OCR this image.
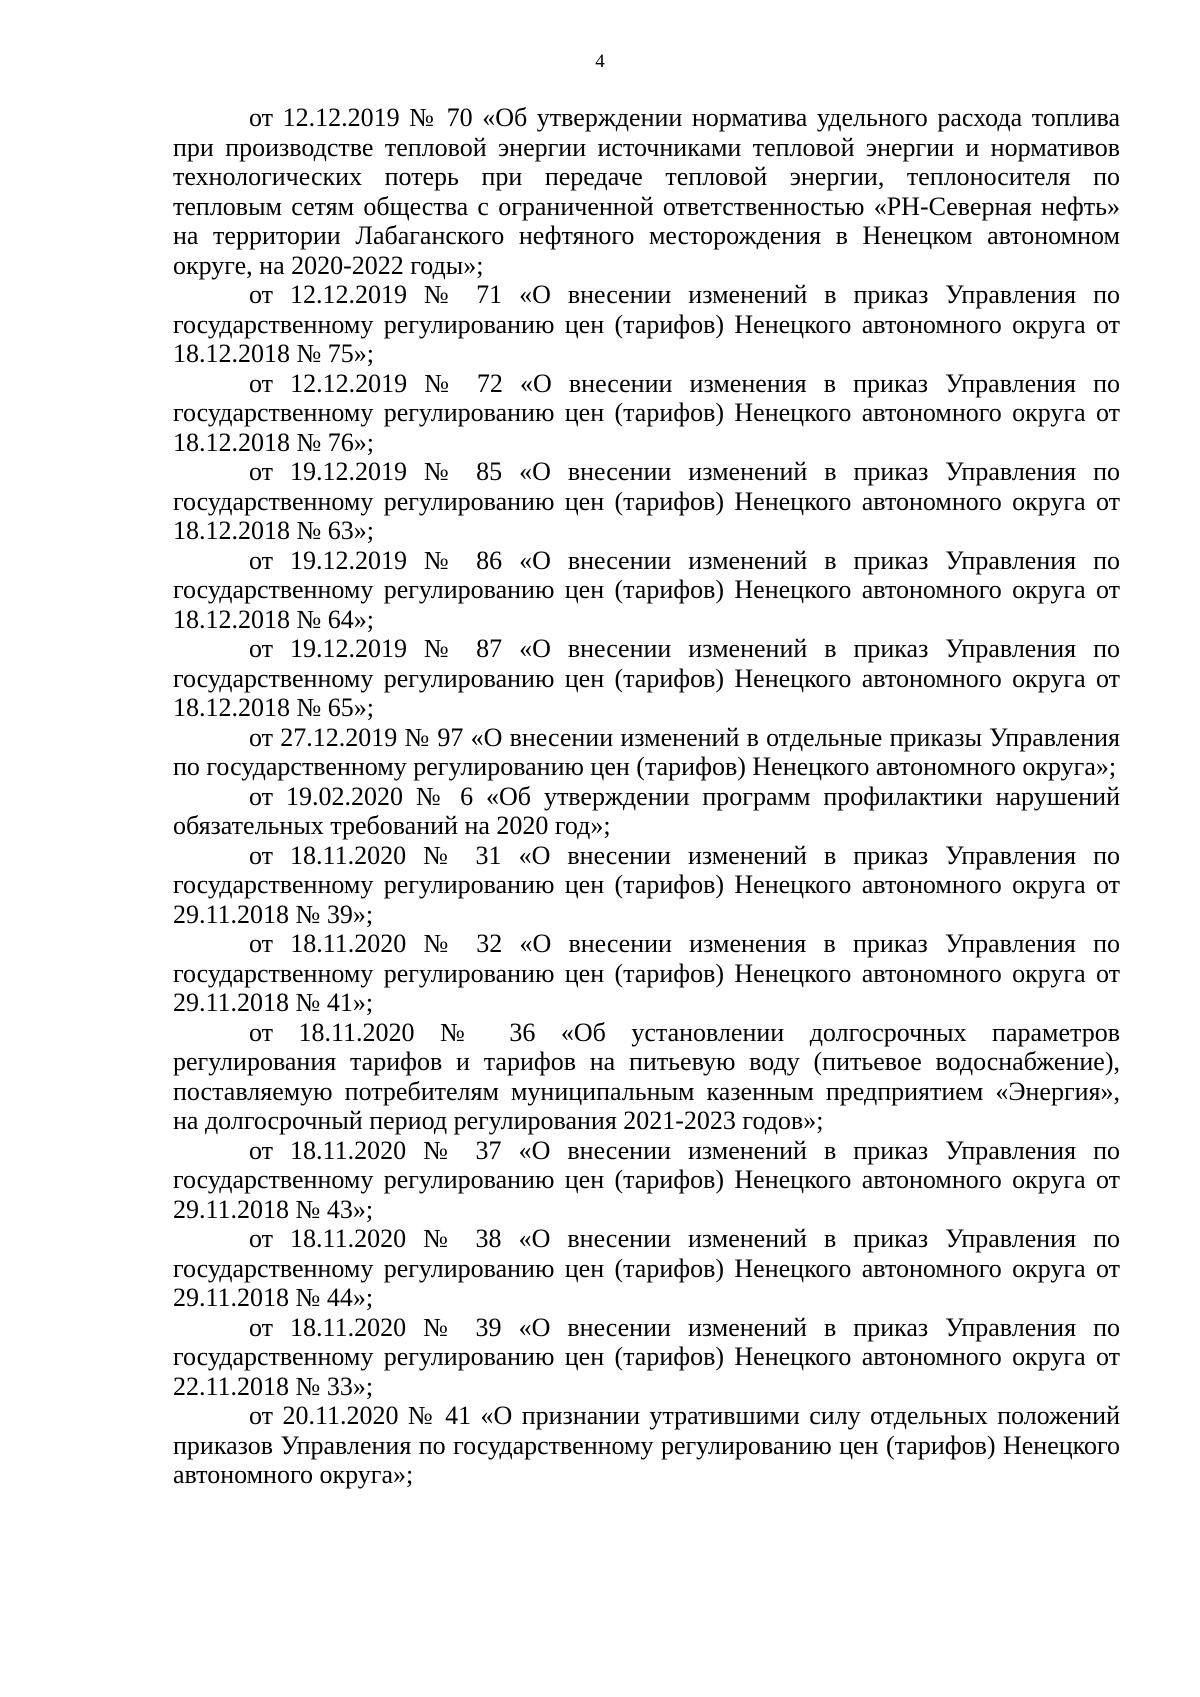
4

от 12.12.2019 № 70 «Об утверждении норматива удельного расхода топлива при производстве тепловой энергии источниками тепловой энергии и нормативов технологических потерь при передаче тепловой энергии, теплоносителя по тепловым сетям общества с ограниченной ответственностью «РН-Северная нефть» на территории Лабаганского нефтяного месторождения в Ненецком автономном округе, на 2020-2022 годы»;

от 12.12.2019 № 71 «О внесении изменений в приказ Управления по государственному регулированию цен (тарифов) Ненецкого автономного округа от 18.12.2018 № 75»;

от 12.12.2019 № 72 «О внесении изменения в приказ Управления по государственному регулированию цен (тарифов) Ненецкого автономного округа от 18.12.2018 № 76»;

от 19.12.2019 № 85 «О внесении изменений в приказ Управления по государственному регулированию цен (тарифов) Ненецкого автономного округа от 18.12.2018 № 63»;

от 19.12.2019 № 86 «О внесении изменений в приказ Управления по государственному регулированию цен (тарифов) Ненецкого автономного округа от 18.12.2018 № 64»;

от 19.12.2019 № 87 «О внесении изменений в приказ Управления по государственному регулированию цен (тарифов) Ненецкого автономного округа от 18.12.2018 № 65»;

от 27.12.2019 № 97 «О внесении изменений в отдельные приказы Управления по государственному регулированию цен (тарифов) Ненецкого автономного округа»;

от 19.02.2020 № 6 «Об утверждении программ профилактики нарушений обязательных требований на 2020 год»;

от 18.11.2020 № 31 «О внесении изменений в приказ Управления по государственному регулированию цен (тарифов) Ненецкого автономного округа от 29.11.2018 № 39»;

от 18.11.2020 № 32 «О внесении изменения в приказ Управления по государственному регулированию цен (тарифов) Ненецкого автономного округа от 29.11.2018 № 41»;

от 18.11.2020 № 36 «Об установлении долгосрочных параметров регулирования тарифов и тарифов на питьевую воду (питьевое водоснабжение), поставляемую потребителям муниципальным казенным предприятием «Энергия», на долгосрочный период регулирования 2021-2023 годов»;

от 18.11.2020 № 37 «О внесении изменений в приказ Управления по государственному регулированию цен (тарифов) Ненецкого автономного округа от 29.11.2018 № 43»;

от 18.11.2020 № 38 «О внесении изменений в приказ Управления по государственному регулированию цен (тарифов) Ненецкого автономного округа от 29.11.2018 № 44»;

от 18.11.2020 № 39 «О внесении изменений в приказ Управления по государственному регулированию цен (тарифов) Ненецкого автономного округа от 22.11.2018 № 33»;

от 20.11.2020 № 41 «О признании утратившими силу отдельных положений приказов Управления по государственному регулированию цен (тарифов) Ненецкого автономного округа»;
